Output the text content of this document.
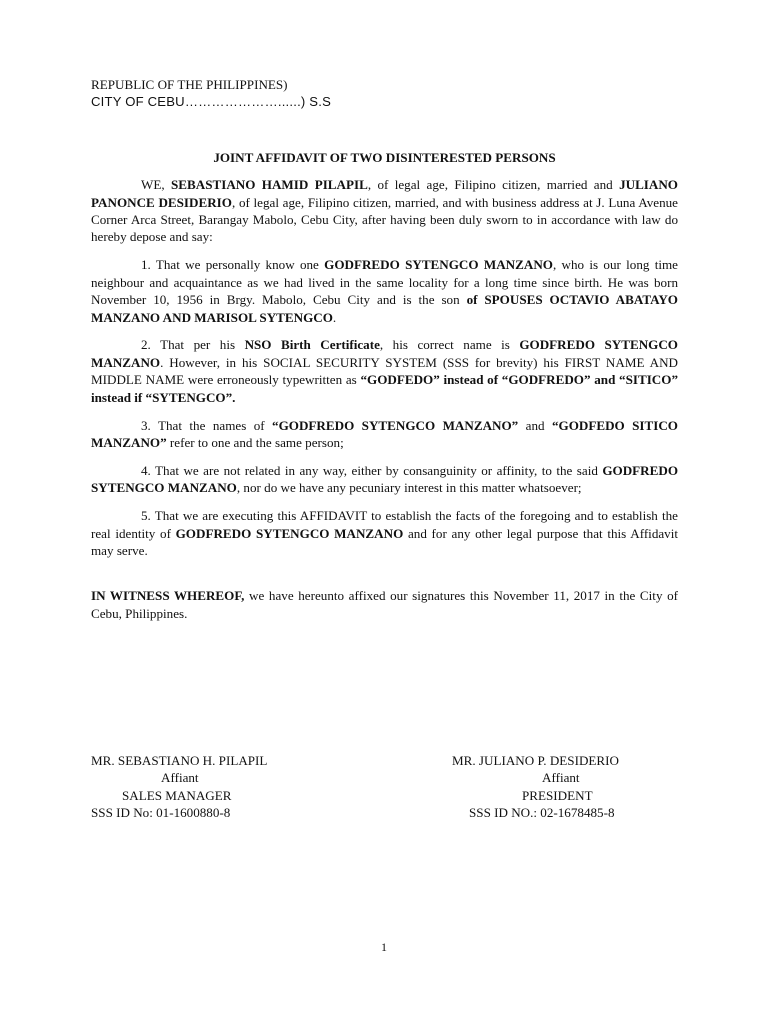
REPUBLIC OF THE PHILIPPINES)
CITY OF CEBU…………………......) S.S
JOINT AFFIDAVIT OF TWO DISINTERESTED PERSONS

WE, SEBASTIANO HAMID PILAPIL, of legal age, Filipino citizen, married and JULIANO PANONCE DESIDERIO, of legal age, Filipino citizen, married, and with business address at J. Luna Avenue Corner Arca Street, Barangay Mabolo, Cebu City, after having been duly sworn to in accordance with law do hereby depose and say:

1. That we personally know one GODFREDO SYTENGCO MANZANO, who is our long time neighbour and acquaintance as we had lived in the same locality for a long time since birth. He was born November 10, 1956 in Brgy. Mabolo, Cebu City and is the son of SPOUSES OCTAVIO ABATAYO MANZANO AND MARISOL SYTENGCO.

2. That per his NSO Birth Certificate, his correct name is GODFREDO SYTENGCO MANZANO. However, in his SOCIAL SECURITY SYSTEM (SSS for brevity) his FIRST NAME AND MIDDLE NAME were erroneously typewritten as “GODFEDO” instead of “GODFREDO” and “SITICO” instead if “SYTENGCO”.

3. That the names of “GODFREDO SYTENGCO MANZANO” and “GODFEDO SITICO MANZANO” refer to one and the same person;

4. That we are not related in any way, either by consanguinity or affinity, to the said GODFREDO SYTENGCO MANZANO, nor do we have any pecuniary interest in this matter whatsoever;

5. That we are executing this AFFIDAVIT to establish the facts of the foregoing and to establish the real identity of GODFREDO SYTENGCO MANZANO and for any other legal purpose that this Affidavit may serve.

IN WITNESS WHEREOF, we have hereunto affixed our signatures this November 11, 2017 in the City of Cebu, Philippines.

MR. SEBASTIANO H. PILAPIL
Affiant
SALES MANAGER
SSS ID No: 01-1600880-8
MR. JULIANO P. DESIDERIO
Affiant
PRESIDENT
SSS ID NO.: 02-1678485-8
1
